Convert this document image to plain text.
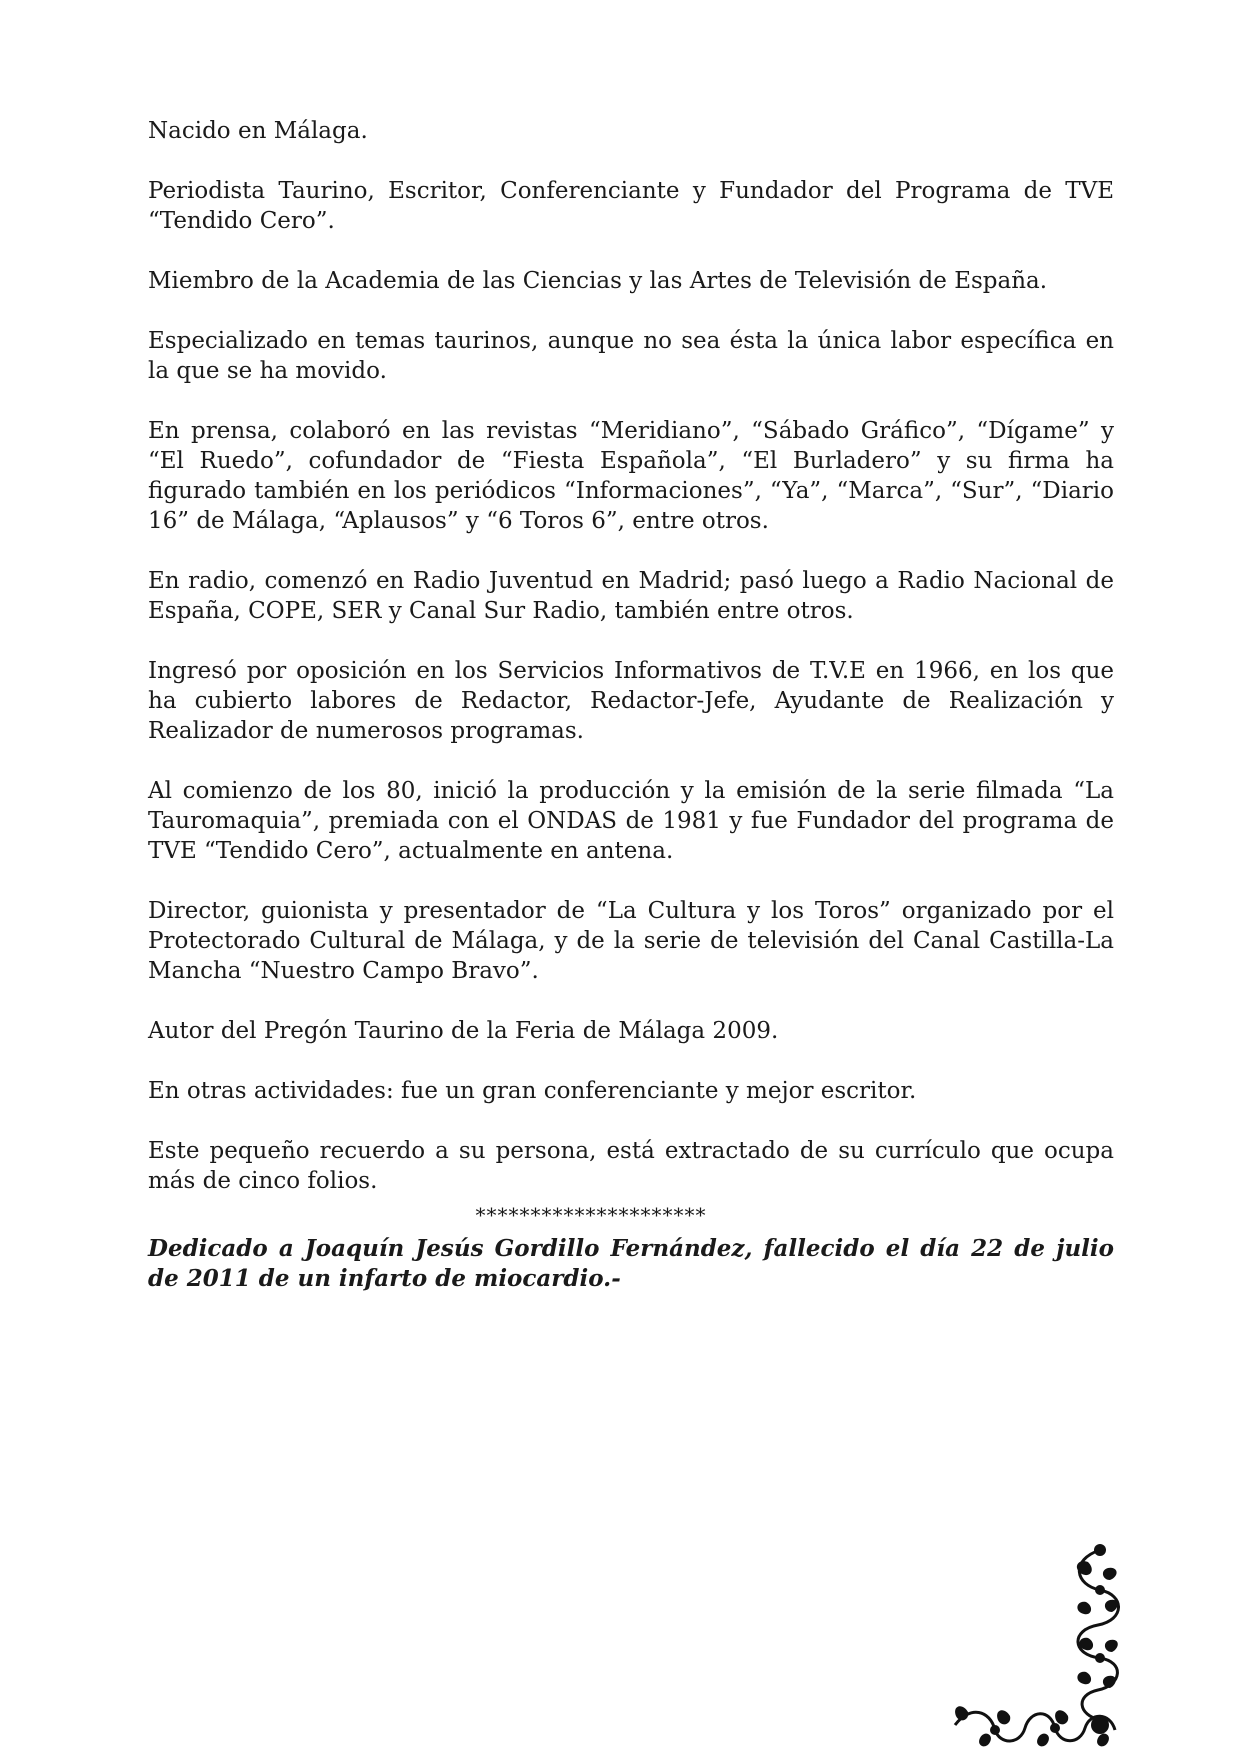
Nacido en Málaga.

Periodista Taurino, Escritor, Conferenciante y Fundador del Programa de TVE “Tendido Cero”.

Miembro de la Academia de las Ciencias y las Artes de Televisión de España.

Especializado en temas taurinos, aunque no sea ésta la única labor específica en la que se ha movido.

En prensa, colaboró en las revistas “Meridiano”, “Sábado Gráfico”, “Dígame” y “El Ruedo”, cofundador de “Fiesta Española”, “El Burladero” y su firma ha figurado también en los periódicos “Informaciones”, “Ya”, “Marca”, “Sur”, “Diario 16” de Málaga, “Aplausos” y “6 Toros 6”, entre otros.

En radio, comenzó en Radio Juventud en Madrid; pasó luego a Radio Nacional de España, COPE, SER y Canal Sur Radio, también entre otros.

Ingresó por oposición en los Servicios Informativos de T.V.E en 1966, en los que ha cubierto labores de Redactor, Redactor-Jefe, Ayudante de Realización y Realizador de numerosos programas.

Al comienzo de los 80, inició la producción y la emisión de la serie filmada “La Tauromaquia”, premiada con el ONDAS de 1981 y fue Fundador del programa de TVE “Tendido Cero”, actualmente en antena.

Director, guionista y presentador de “La Cultura y los Toros” organizado por el Protectorado Cultural de Málaga, y de la serie de televisión del Canal Castilla-La Mancha “Nuestro Campo Bravo”.

Autor del Pregón Taurino de la Feria de Málaga 2009.

En otras actividades: fue un gran conferenciante y mejor escritor.

Este pequeño recuerdo a su persona, está extractado de su currículo que ocupa más de cinco folios.

*********************

Dedicado a Joaquín Jesús Gordillo Fernández, fallecido el día 22 de julio de 2011 de un infarto de miocardio.-
